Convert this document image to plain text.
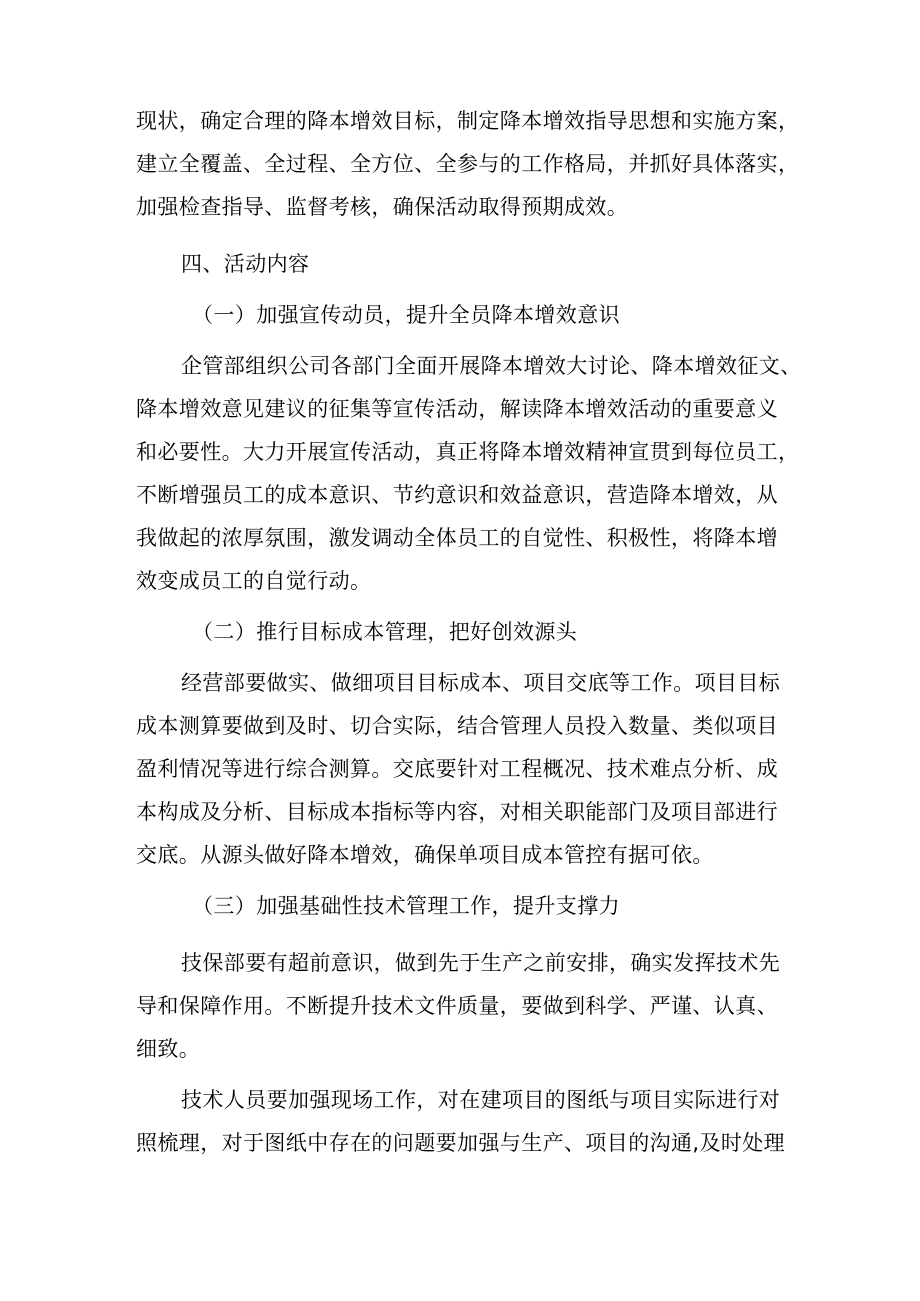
现状，确定合理的降本增效目标，制定降本增效指导思想和实施方案，
建立全覆盖、全过程、全方位、全参与的工作格局，并抓好具体落实，
加强检查指导、监督考核，确保活动取得预期成效。
四、活动内容
（一）加强宣传动员，提升全员降本增效意识
企管部组织公司各部门全面开展降本增效大讨论、降本增效征文、
降本增效意见建议的征集等宣传活动，解读降本增效活动的重要意义
和必要性。大力开展宣传活动，真正将降本增效精神宣贯到每位员工，
不断增强员工的成本意识、节约意识和效益意识，营造降本增效，从
我做起的浓厚氛围，激发调动全体员工的自觉性、积极性，将降本增
效变成员工的自觉行动。
（二）推行目标成本管理，把好创效源头
经营部要做实、做细项目目标成本、项目交底等工作。项目目标
成本测算要做到及时、切合实际，结合管理人员投入数量、类似项目
盈利情况等进行综合测算。交底要针对工程概况、技术难点分析、成
本构成及分析、目标成本指标等内容，对相关职能部门及项目部进行
交底。从源头做好降本增效，确保单项目成本管控有据可依。
（三）加强基础性技术管理工作，提升支撑力
技保部要有超前意识，做到先于生产之前安排，确实发挥技术先
导和保障作用。不断提升技术文件质量，要做到科学、严谨、认真、
细致。
技术人员要加强现场工作，对在建项目的图纸与项目实际进行对
照梳理，对于图纸中存在的问题要加强与生产、项目的沟通,及时处理
